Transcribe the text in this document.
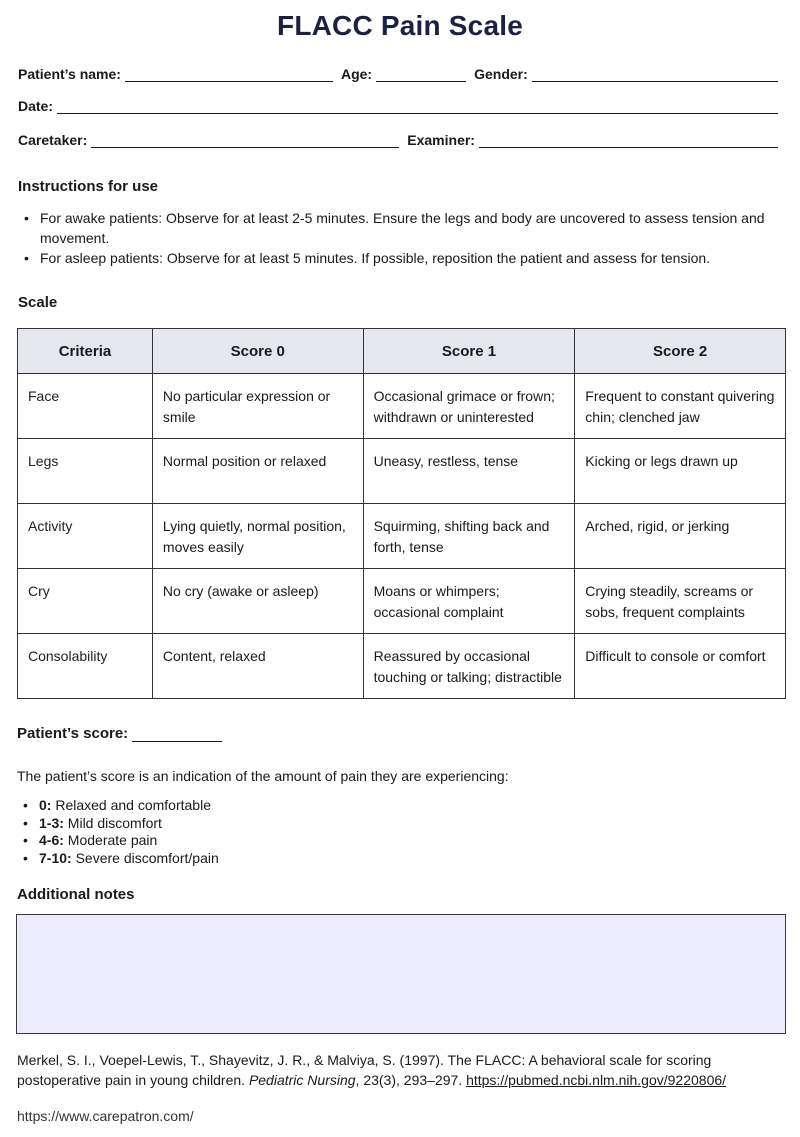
FLACC Pain Scale
Patient’s name:	Age:	Gender:
Date:
Caretaker:	Examiner:
Instructions for use
• For awake patients: Observe for at least 2-5 minutes. Ensure the legs and body are uncovered to assess tension and movement.
• For asleep patients: Observe for at least 5 minutes. If possible, reposition the patient and assess for tension.
Scale
Criteria	Score 0	Score 1	Score 2
Face	No particular expression or smile	Occasional grimace or frown; withdrawn or uninterested	Frequent to constant quivering chin; clenched jaw
Legs	Normal position or relaxed	Uneasy, restless, tense	Kicking or legs drawn up
Activity	Lying quietly, normal position, moves easily	Squirming, shifting back and forth, tense	Arched, rigid, or jerking
Cry	No cry (awake or asleep)	Moans or whimpers; occasional complaint	Crying steadily, screams or sobs, frequent complaints
Consolability	Content, relaxed	Reassured by occasional touching or talking; distractible	Difficult to console or comfort
Patient’s score:
The patient’s score is an indication of the amount of pain they are experiencing:
• 0: Relaxed and comfortable
• 1-3: Mild discomfort
• 4-6: Moderate pain
• 7-10: Severe discomfort/pain
Additional notes
Merkel, S. I., Voepel-Lewis, T., Shayevitz, J. R., & Malviya, S. (1997). The FLACC: A behavioral scale for scoring postoperative pain in young children. Pediatric Nursing, 23(3), 293–297. https://pubmed.ncbi.nlm.nih.gov/9220806/
https://www.carepatron.com/
